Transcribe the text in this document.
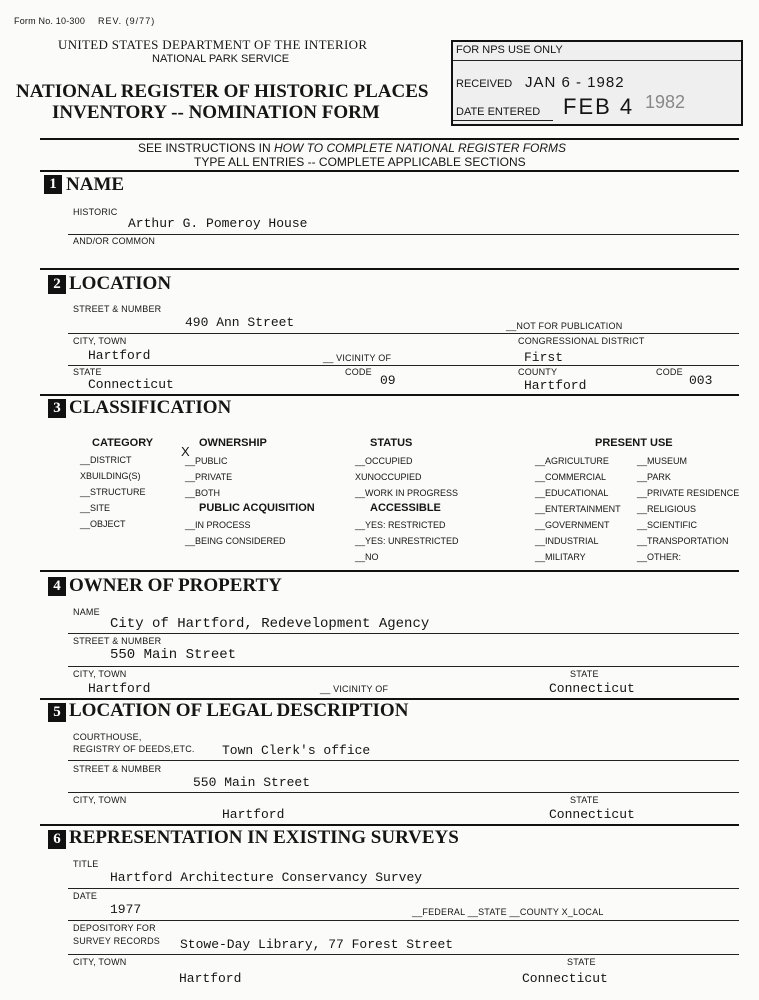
Form No. 10-300 REV. (9/77)
UNITED STATES DEPARTMENT OF THE INTERIOR
NATIONAL PARK SERVICE
NATIONAL REGISTER OF HISTORIC PLACES
INVENTORY -- NOMINATION FORM
FOR NPS USE ONLY
RECEIVED JAN 6 - 1982
DATE ENTERED FEB 4 1982
SEE INSTRUCTIONS IN HOW TO COMPLETE NATIONAL REGISTER FORMS
TYPE ALL ENTRIES -- COMPLETE APPLICABLE SECTIONS
1 NAME
HISTORIC
Arthur G. Pomeroy House
AND/OR COMMON
2 LOCATION
STREET & NUMBER
490 Ann Street	__NOT FOR PUBLICATION
CITY, TOWN	CONGRESSIONAL DISTRICT
Hartford	__ VICINITY OF	First
STATE	CODE	COUNTY	CODE
Connecticut	09	Hartford	003
3 CLASSIFICATION
CATEGORY
__DISTRICT
XBUILDING(S)
__STRUCTURE
__SITE
__OBJECT
X
OWNERSHIP
__PUBLIC
__PRIVATE
__BOTH
PUBLIC ACQUISITION
__IN PROCESS
__BEING CONSIDERED
STATUS
__OCCUPIED
XUNOCCUPIED
__WORK IN PROGRESS
ACCESSIBLE
__YES: RESTRICTED
__YES: UNRESTRICTED
__NO
PRESENT USE
__AGRICULTURE
__COMMERCIAL
__EDUCATIONAL
__ENTERTAINMENT
__GOVERNMENT
__INDUSTRIAL
__MILITARY
__MUSEUM
__PARK
__PRIVATE RESIDENCE
__RELIGIOUS
__SCIENTIFIC
__TRANSPORTATION
__OTHER:
4 OWNER OF PROPERTY
NAME
City of Hartford, Redevelopment Agency
STREET & NUMBER
550 Main Street
CITY, TOWN	STATE
Hartford	__ VICINITY OF	Connecticut
5 LOCATION OF LEGAL DESCRIPTION
COURTHOUSE,
REGISTRY OF DEEDS,ETC. Town Clerk's office
STREET & NUMBER
550 Main Street
CITY, TOWN	STATE
Hartford	Connecticut
6 REPRESENTATION IN EXISTING SURVEYS
TITLE
Hartford Architecture Conservancy Survey
DATE
1977	__FEDERAL __STATE __COUNTY X_LOCAL
DEPOSITORY FOR
SURVEY RECORDS Stowe-Day Library, 77 Forest Street
CITY, TOWN	STATE
Hartford	Connecticut
